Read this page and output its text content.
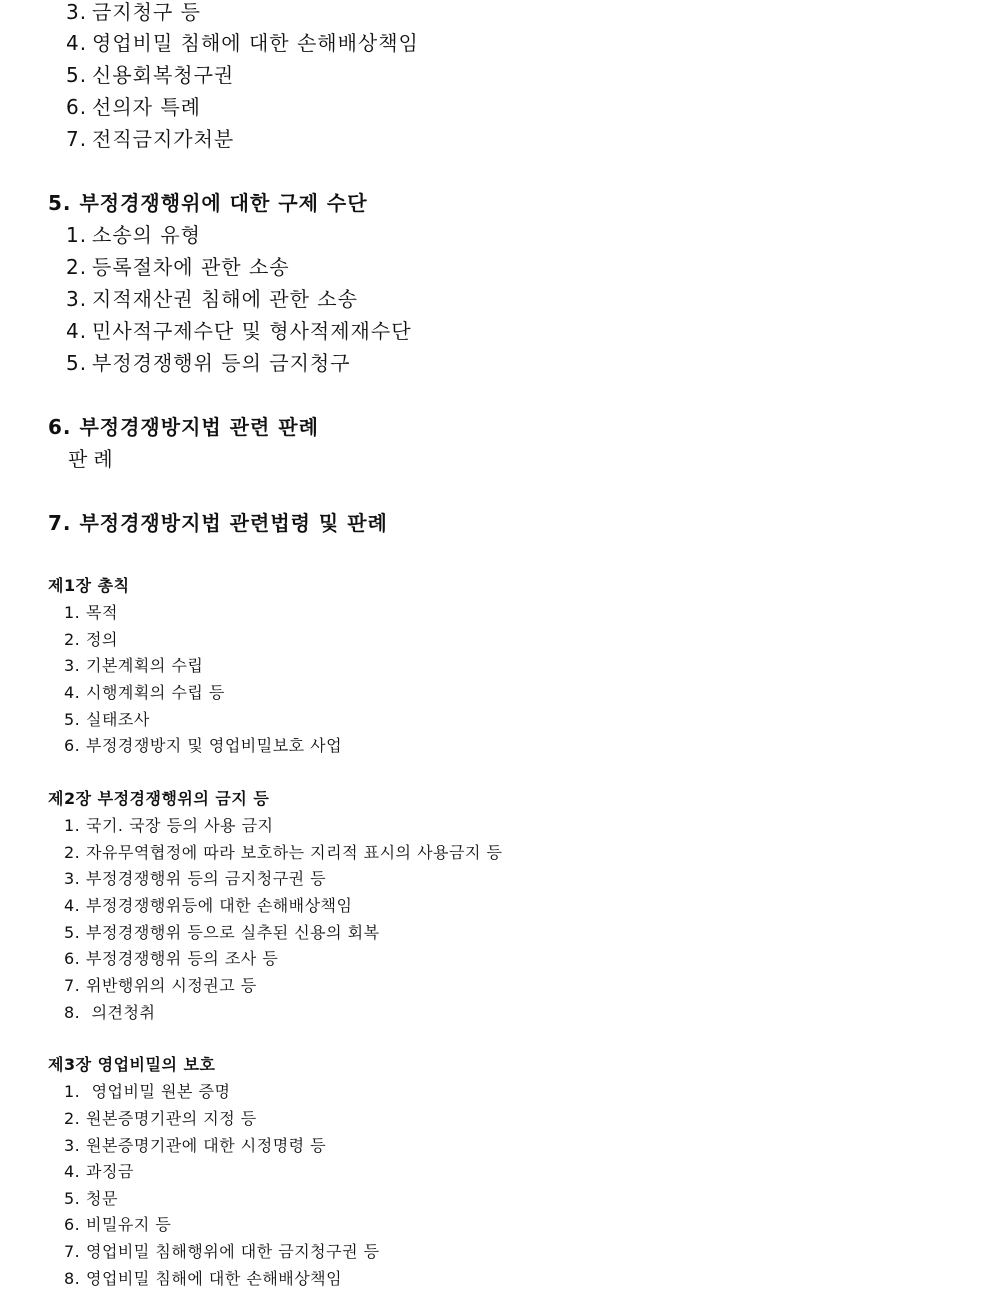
3. 금지청구 등
4. 영업비밀 침해에 대한 손해배상책임
5. 신용회복청구권
6. 선의자 특례
7. 전직금지가처분
5. 부정경쟁행위에 대한 구제 수단
1. 소송의 유형
2. 등록절차에 관한 소송
3. 지적재산권 침해에 관한 소송
4. 민사적구제수단 및 형사적제재수단
5. 부정경쟁행위 등의 금지청구
6. 부정경쟁방지법 관련 판례
판례
7. 부정경쟁방지법 관련법령 및 판례
제1장 총칙
1. 목적
2. 정의
3. 기본계획의 수립
4. 시행계획의 수립 등
5. 실태조사
6. 부정경쟁방지 및 영업비밀보호 사업
제2장 부정경쟁행위의 금지 등
1. 국기. 국장 등의 사용 금지
2. 자유무역협정에 따라 보호하는 지리적 표시의 사용금지 등
3. 부정경쟁행위 등의 금지청구권 등
4. 부정경쟁행위등에 대한 손해배상책임
5. 부정경쟁행위 등으로 실추된 신용의 회복
6. 부정경쟁행위 등의 조사 등
7. 위반행위의 시정권고 등
8. 의견청취
제3장 영업비밀의 보호
1. 영업비밀 원본 증명
2. 원본증명기관의 지정 등
3. 원본증명기관에 대한 시정명령 등
4. 과징금
5. 청문
6. 비밀유지 등
7. 영업비밀 침해행위에 대한 금지청구권 등
8. 영업비밀 침해에 대한 손해배상책임
